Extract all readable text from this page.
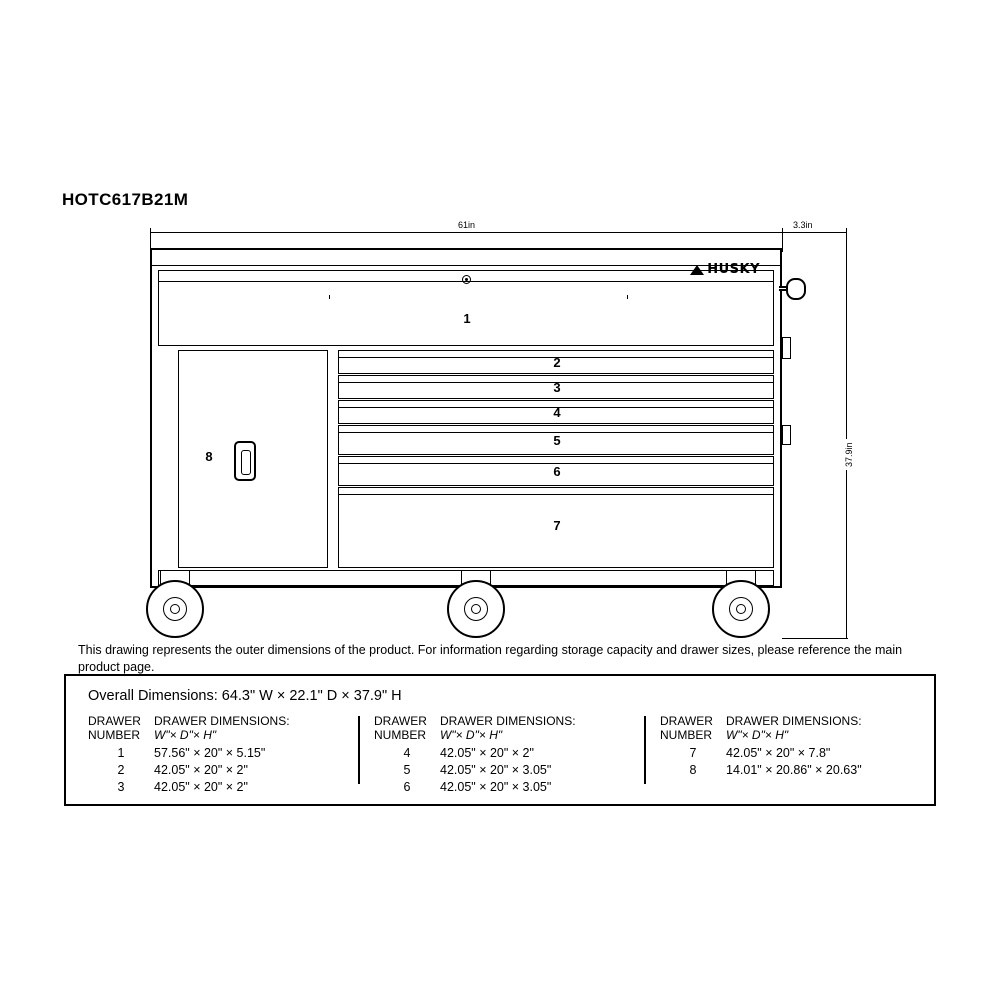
HOTC617B21M
61in	3.3in
37.9in
1
HUSKY
8
2
3
4
5
6
7
This drawing represents the outer dimensions of the product. For information regarding storage capacity and drawer sizes, please reference the main product page.
Overall Dimensions: 64.3" W × 22.1" D × 37.9" H
DRAWER
NUMBER
DRAWER DIMENSIONS:
W"× D"× H"
1	57.56" × 20" × 5.15"
2	42.05" × 20" × 2"
3	42.05" × 20" × 2"
DRAWER
NUMBER
DRAWER DIMENSIONS:
W"× D"× H"
4	42.05" × 20" × 2"
5	42.05" × 20" × 3.05"
6	42.05" × 20" × 3.05"
DRAWER
NUMBER
DRAWER DIMENSIONS:
W"× D"× H"
7	42.05" × 20" × 7.8"
8	14.01" × 20.86" × 20.63"
